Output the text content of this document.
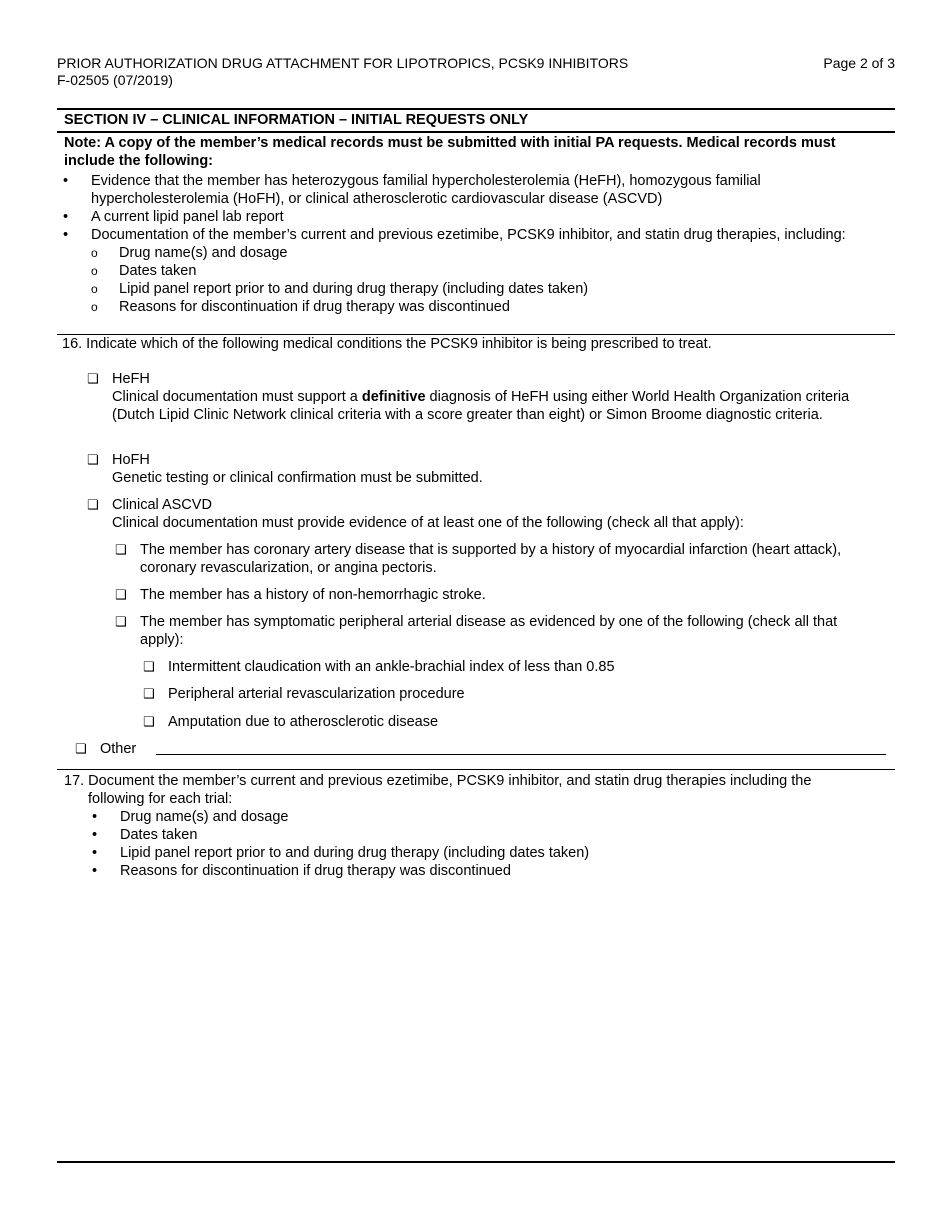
PRIOR AUTHORIZATION DRUG ATTACHMENT FOR LIPOTROPICS, PCSK9 INHIBITORS
F-02505 (07/2019)
Page 2 of 3
SECTION IV – CLINICAL INFORMATION – INITIAL REQUESTS ONLY
Note: A copy of the member’s medical records must be submitted with initial PA requests. Medical records must include the following:
• Evidence that the member has heterozygous familial hypercholesterolemia (HeFH), homozygous familial hypercholesterolemia (HoFH), or clinical atherosclerotic cardiovascular disease (ASCVD)
• A current lipid panel lab report
• Documentation of the member’s current and previous ezetimibe, PCSK9 inhibitor, and statin drug therapies, including:
o Drug name(s) and dosage
o Dates taken
o Lipid panel report prior to and during drug therapy (including dates taken)
o Reasons for discontinuation if drug therapy was discontinued
16. Indicate which of the following medical conditions the PCSK9 inhibitor is being prescribed to treat.
❑ HeFH
Clinical documentation must support a definitive diagnosis of HeFH using either World Health Organization criteria (Dutch Lipid Clinic Network clinical criteria with a score greater than eight) or Simon Broome diagnostic criteria.
❑ HoFH
Genetic testing or clinical confirmation must be submitted.
❑ Clinical ASCVD
Clinical documentation must provide evidence of at least one of the following (check all that apply):
❑ The member has coronary artery disease that is supported by a history of myocardial infarction (heart attack), coronary revascularization, or angina pectoris.
❑ The member has a history of non-hemorrhagic stroke.
❑ The member has symptomatic peripheral arterial disease as evidenced by one of the following (check all that apply):
❑ Intermittent claudication with an ankle-brachial index of less than 0.85
❑ Peripheral arterial revascularization procedure
❑ Amputation due to atherosclerotic disease
❑ Other
17. Document the member’s current and previous ezetimibe, PCSK9 inhibitor, and statin drug therapies including the
following for each trial:
• Drug name(s) and dosage
• Dates taken
• Lipid panel report prior to and during drug therapy (including dates taken)
• Reasons for discontinuation if drug therapy was discontinued
